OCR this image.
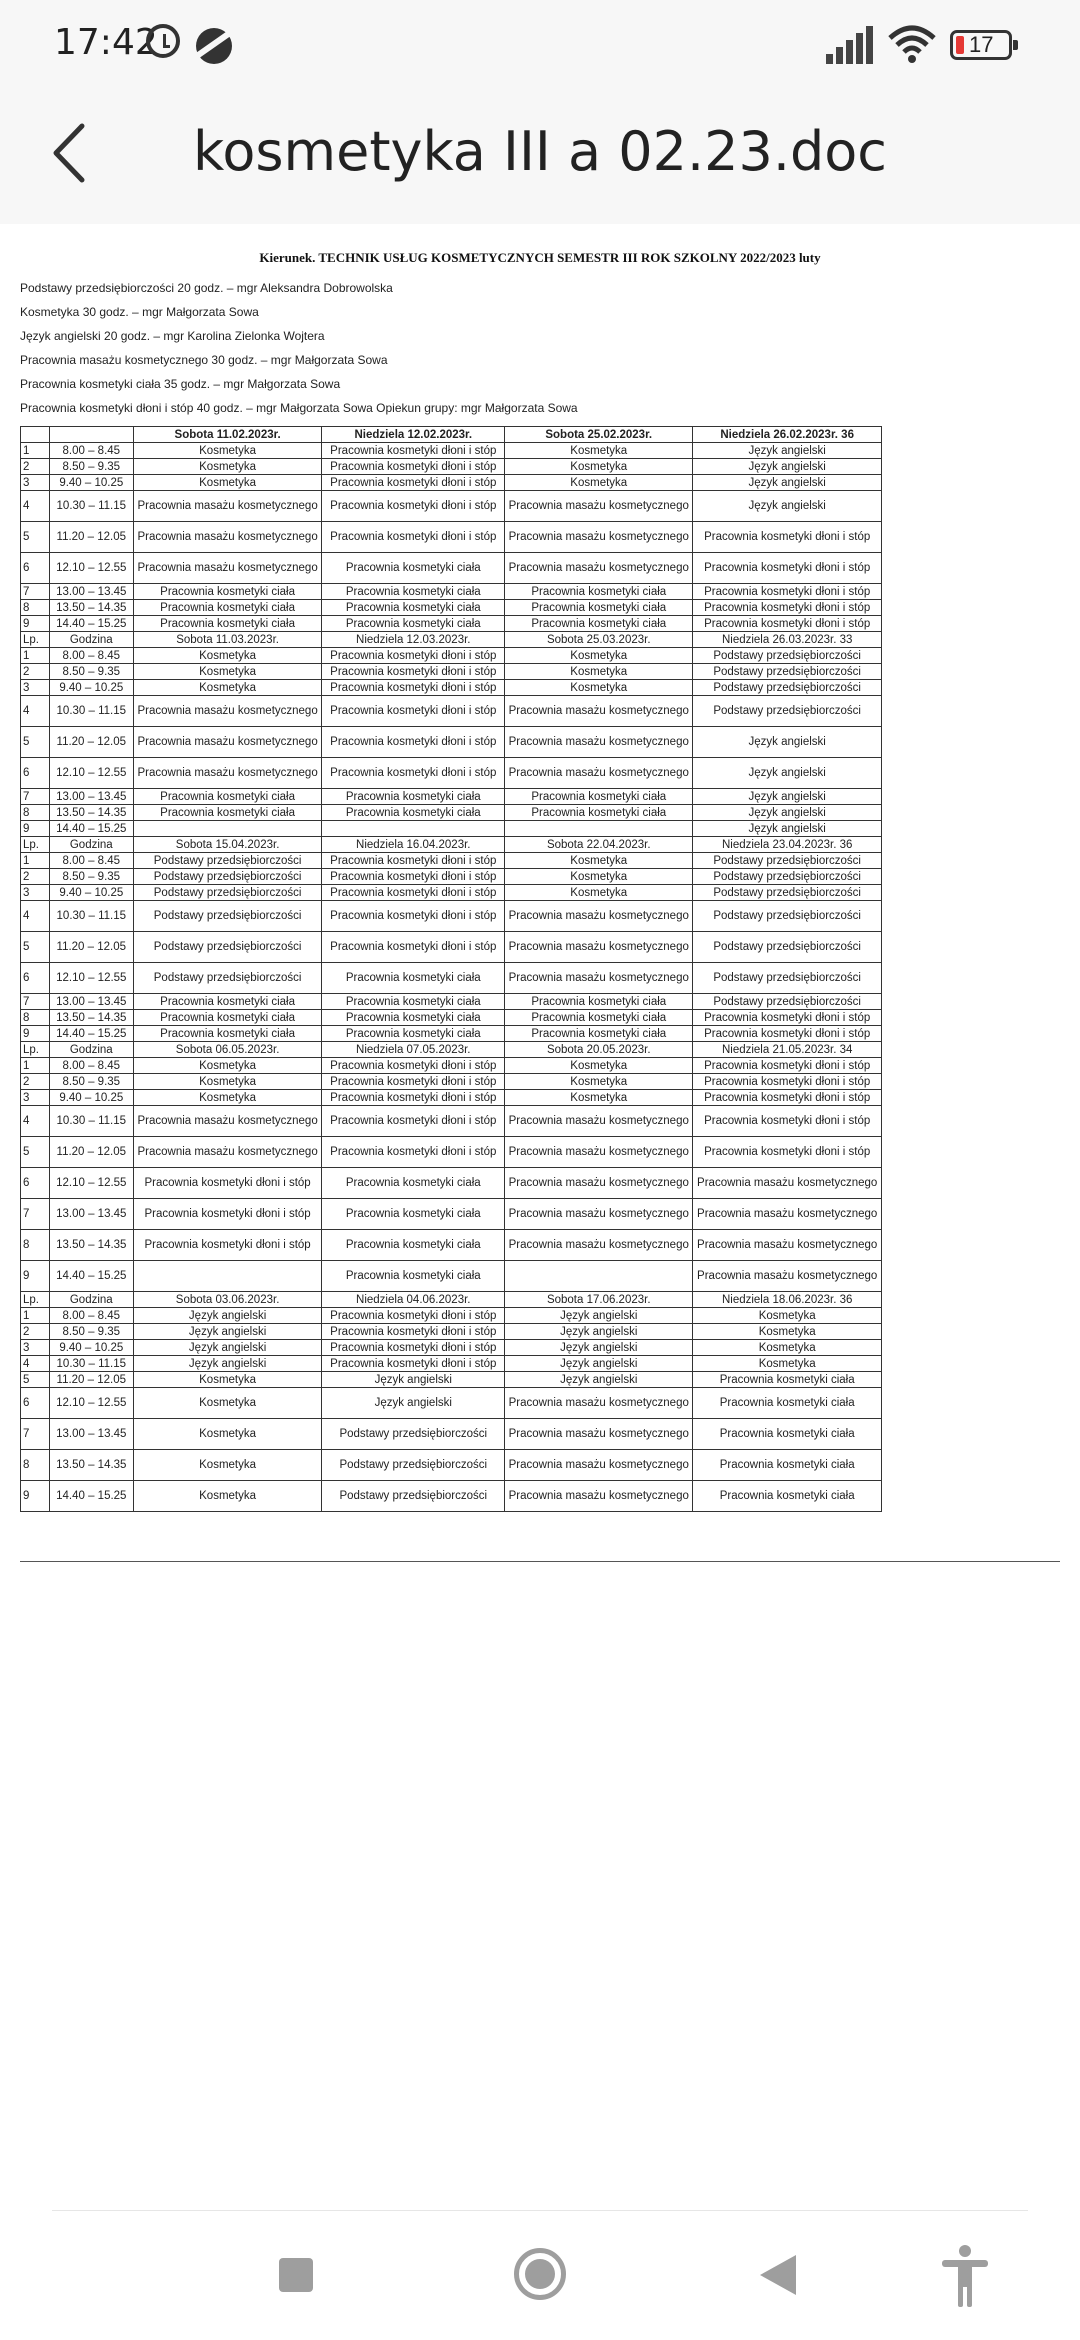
17:42	17
kosmetyka III a 02.23.doc
Kierunek. TECHNIK USŁUG KOSMETYCZNYCH SEMESTR III ROK SZKOLNY 2022/2023 luty
Podstawy przedsiębiorczości 20 godz. – mgr Aleksandra Dobrowolska
Kosmetyka 30 godz. – mgr Małgorzata Sowa
Język angielski 20 godz. – mgr Karolina Zielonka Wojtera
Pracownia masażu kosmetycznego 30 godz. – mgr Małgorzata Sowa
Pracownia kosmetyki ciała 35 godz. – mgr Małgorzata Sowa
Pracownia kosmetyki dłoni i stóp 40 godz. – mgr Małgorzata Sowa Opiekun grupy: mgr Małgorzata Sowa
		Sobota 11.02.2023r.	Niedziela 12.02.2023r.	Sobota 25.02.2023r.	Niedziela 26.02.2023r. 36
1	8.00 – 8.45	Kosmetyka	Pracownia kosmetyki dłoni i stóp	Kosmetyka	Język angielski
2	8.50 – 9.35	Kosmetyka	Pracownia kosmetyki dłoni i stóp	Kosmetyka	Język angielski
3	9.40 – 10.25	Kosmetyka	Pracownia kosmetyki dłoni i stóp	Kosmetyka	Język angielski
4	10.30 – 11.15	Pracownia masażu kosmetycznego	Pracownia kosmetyki dłoni i stóp	Pracownia masażu kosmetycznego	Język angielski
5	11.20 – 12.05	Pracownia masażu kosmetycznego	Pracownia kosmetyki dłoni i stóp	Pracownia masażu kosmetycznego	Pracownia kosmetyki dłoni i stóp
6	12.10 – 12.55	Pracownia masażu kosmetycznego	Pracownia kosmetyki ciała	Pracownia masażu kosmetycznego	Pracownia kosmetyki dłoni i stóp
7	13.00 – 13.45	Pracownia kosmetyki ciała	Pracownia kosmetyki ciała	Pracownia kosmetyki ciała	Pracownia kosmetyki dłoni i stóp
8	13.50 – 14.35	Pracownia kosmetyki ciała	Pracownia kosmetyki ciała	Pracownia kosmetyki ciała	Pracownia kosmetyki dłoni i stóp
9	14.40 – 15.25	Pracownia kosmetyki ciała	Pracownia kosmetyki ciała	Pracownia kosmetyki ciała	Pracownia kosmetyki dłoni i stóp
Lp.	Godzina	Sobota 11.03.2023r.	Niedziela 12.03.2023r.	Sobota 25.03.2023r.	Niedziela 26.03.2023r. 33
1	8.00 – 8.45	Kosmetyka	Pracownia kosmetyki dłoni i stóp	Kosmetyka	Podstawy przedsiębiorczości
2	8.50 – 9.35	Kosmetyka	Pracownia kosmetyki dłoni i stóp	Kosmetyka	Podstawy przedsiębiorczości
3	9.40 – 10.25	Kosmetyka	Pracownia kosmetyki dłoni i stóp	Kosmetyka	Podstawy przedsiębiorczości
4	10.30 – 11.15	Pracownia masażu kosmetycznego	Pracownia kosmetyki dłoni i stóp	Pracownia masażu kosmetycznego	Podstawy przedsiębiorczości
5	11.20 – 12.05	Pracownia masażu kosmetycznego	Pracownia kosmetyki dłoni i stóp	Pracownia masażu kosmetycznego	Język angielski
6	12.10 – 12.55	Pracownia masażu kosmetycznego	Pracownia kosmetyki dłoni i stóp	Pracownia masażu kosmetycznego	Język angielski
7	13.00 – 13.45	Pracownia kosmetyki ciała	Pracownia kosmetyki ciała	Pracownia kosmetyki ciała	Język angielski
8	13.50 – 14.35	Pracownia kosmetyki ciała	Pracownia kosmetyki ciała	Pracownia kosmetyki ciała	Język angielski
9	14.40 – 15.25				Język angielski
Lp.	Godzina	Sobota 15.04.2023r.	Niedziela 16.04.2023r.	Sobota 22.04.2023r.	Niedziela 23.04.2023r. 36
1	8.00 – 8.45	Podstawy przedsiębiorczości	Pracownia kosmetyki dłoni i stóp	Kosmetyka	Podstawy przedsiębiorczości
2	8.50 – 9.35	Podstawy przedsiębiorczości	Pracownia kosmetyki dłoni i stóp	Kosmetyka	Podstawy przedsiębiorczości
3	9.40 – 10.25	Podstawy przedsiębiorczości	Pracownia kosmetyki dłoni i stóp	Kosmetyka	Podstawy przedsiębiorczości
4	10.30 – 11.15	Podstawy przedsiębiorczości	Pracownia kosmetyki dłoni i stóp	Pracownia masażu kosmetycznego	Podstawy przedsiębiorczości
5	11.20 – 12.05	Podstawy przedsiębiorczości	Pracownia kosmetyki dłoni i stóp	Pracownia masażu kosmetycznego	Podstawy przedsiębiorczości
6	12.10 – 12.55	Podstawy przedsiębiorczości	Pracownia kosmetyki ciała	Pracownia masażu kosmetycznego	Podstawy przedsiębiorczości
7	13.00 – 13.45	Pracownia kosmetyki ciała	Pracownia kosmetyki ciała	Pracownia kosmetyki ciała	Podstawy przedsiębiorczości
8	13.50 – 14.35	Pracownia kosmetyki ciała	Pracownia kosmetyki ciała	Pracownia kosmetyki ciała	Pracownia kosmetyki dłoni i stóp
9	14.40 – 15.25	Pracownia kosmetyki ciała	Pracownia kosmetyki ciała	Pracownia kosmetyki ciała	Pracownia kosmetyki dłoni i stóp
Lp.	Godzina	Sobota 06.05.2023r.	Niedziela 07.05.2023r.	Sobota 20.05.2023r.	Niedziela 21.05.2023r. 34
1	8.00 – 8.45	Kosmetyka	Pracownia kosmetyki dłoni i stóp	Kosmetyka	Pracownia kosmetyki dłoni i stóp
2	8.50 – 9.35	Kosmetyka	Pracownia kosmetyki dłoni i stóp	Kosmetyka	Pracownia kosmetyki dłoni i stóp
3	9.40 – 10.25	Kosmetyka	Pracownia kosmetyki dłoni i stóp	Kosmetyka	Pracownia kosmetyki dłoni i stóp
4	10.30 – 11.15	Pracownia masażu kosmetycznego	Pracownia kosmetyki dłoni i stóp	Pracownia masażu kosmetycznego	Pracownia kosmetyki dłoni i stóp
5	11.20 – 12.05	Pracownia masażu kosmetycznego	Pracownia kosmetyki dłoni i stóp	Pracownia masażu kosmetycznego	Pracownia kosmetyki dłoni i stóp
6	12.10 – 12.55	Pracownia kosmetyki dłoni i stóp	Pracownia kosmetyki ciała	Pracownia masażu kosmetycznego	Pracownia masażu kosmetycznego
7	13.00 – 13.45	Pracownia kosmetyki dłoni i stóp	Pracownia kosmetyki ciała	Pracownia masażu kosmetycznego	Pracownia masażu kosmetycznego
8	13.50 – 14.35	Pracownia kosmetyki dłoni i stóp	Pracownia kosmetyki ciała	Pracownia masażu kosmetycznego	Pracownia masażu kosmetycznego
9	14.40 – 15.25		Pracownia kosmetyki ciała		Pracownia masażu kosmetycznego
Lp.	Godzina	Sobota 03.06.2023r.	Niedziela 04.06.2023r.	Sobota 17.06.2023r.	Niedziela 18.06.2023r. 36
1	8.00 – 8.45	Język angielski	Pracownia kosmetyki dłoni i stóp	Język angielski	Kosmetyka
2	8.50 – 9.35	Język angielski	Pracownia kosmetyki dłoni i stóp	Język angielski	Kosmetyka
3	9.40 – 10.25	Język angielski	Pracownia kosmetyki dłoni i stóp	Język angielski	Kosmetyka
4	10.30 – 11.15	Język angielski	Pracownia kosmetyki dłoni i stóp	Język angielski	Kosmetyka
5	11.20 – 12.05	Kosmetyka	Język angielski	Język angielski	Pracownia kosmetyki ciała
6	12.10 – 12.55	Kosmetyka	Język angielski	Pracownia masażu kosmetycznego	Pracownia kosmetyki ciała
7	13.00 – 13.45	Kosmetyka	Podstawy przedsiębiorczości	Pracownia masażu kosmetycznego	Pracownia kosmetyki ciała
8	13.50 – 14.35	Kosmetyka	Podstawy przedsiębiorczości	Pracownia masażu kosmetycznego	Pracownia kosmetyki ciała
9	14.40 – 15.25	Kosmetyka	Podstawy przedsiębiorczości	Pracownia masażu kosmetycznego	Pracownia kosmetyki ciała
